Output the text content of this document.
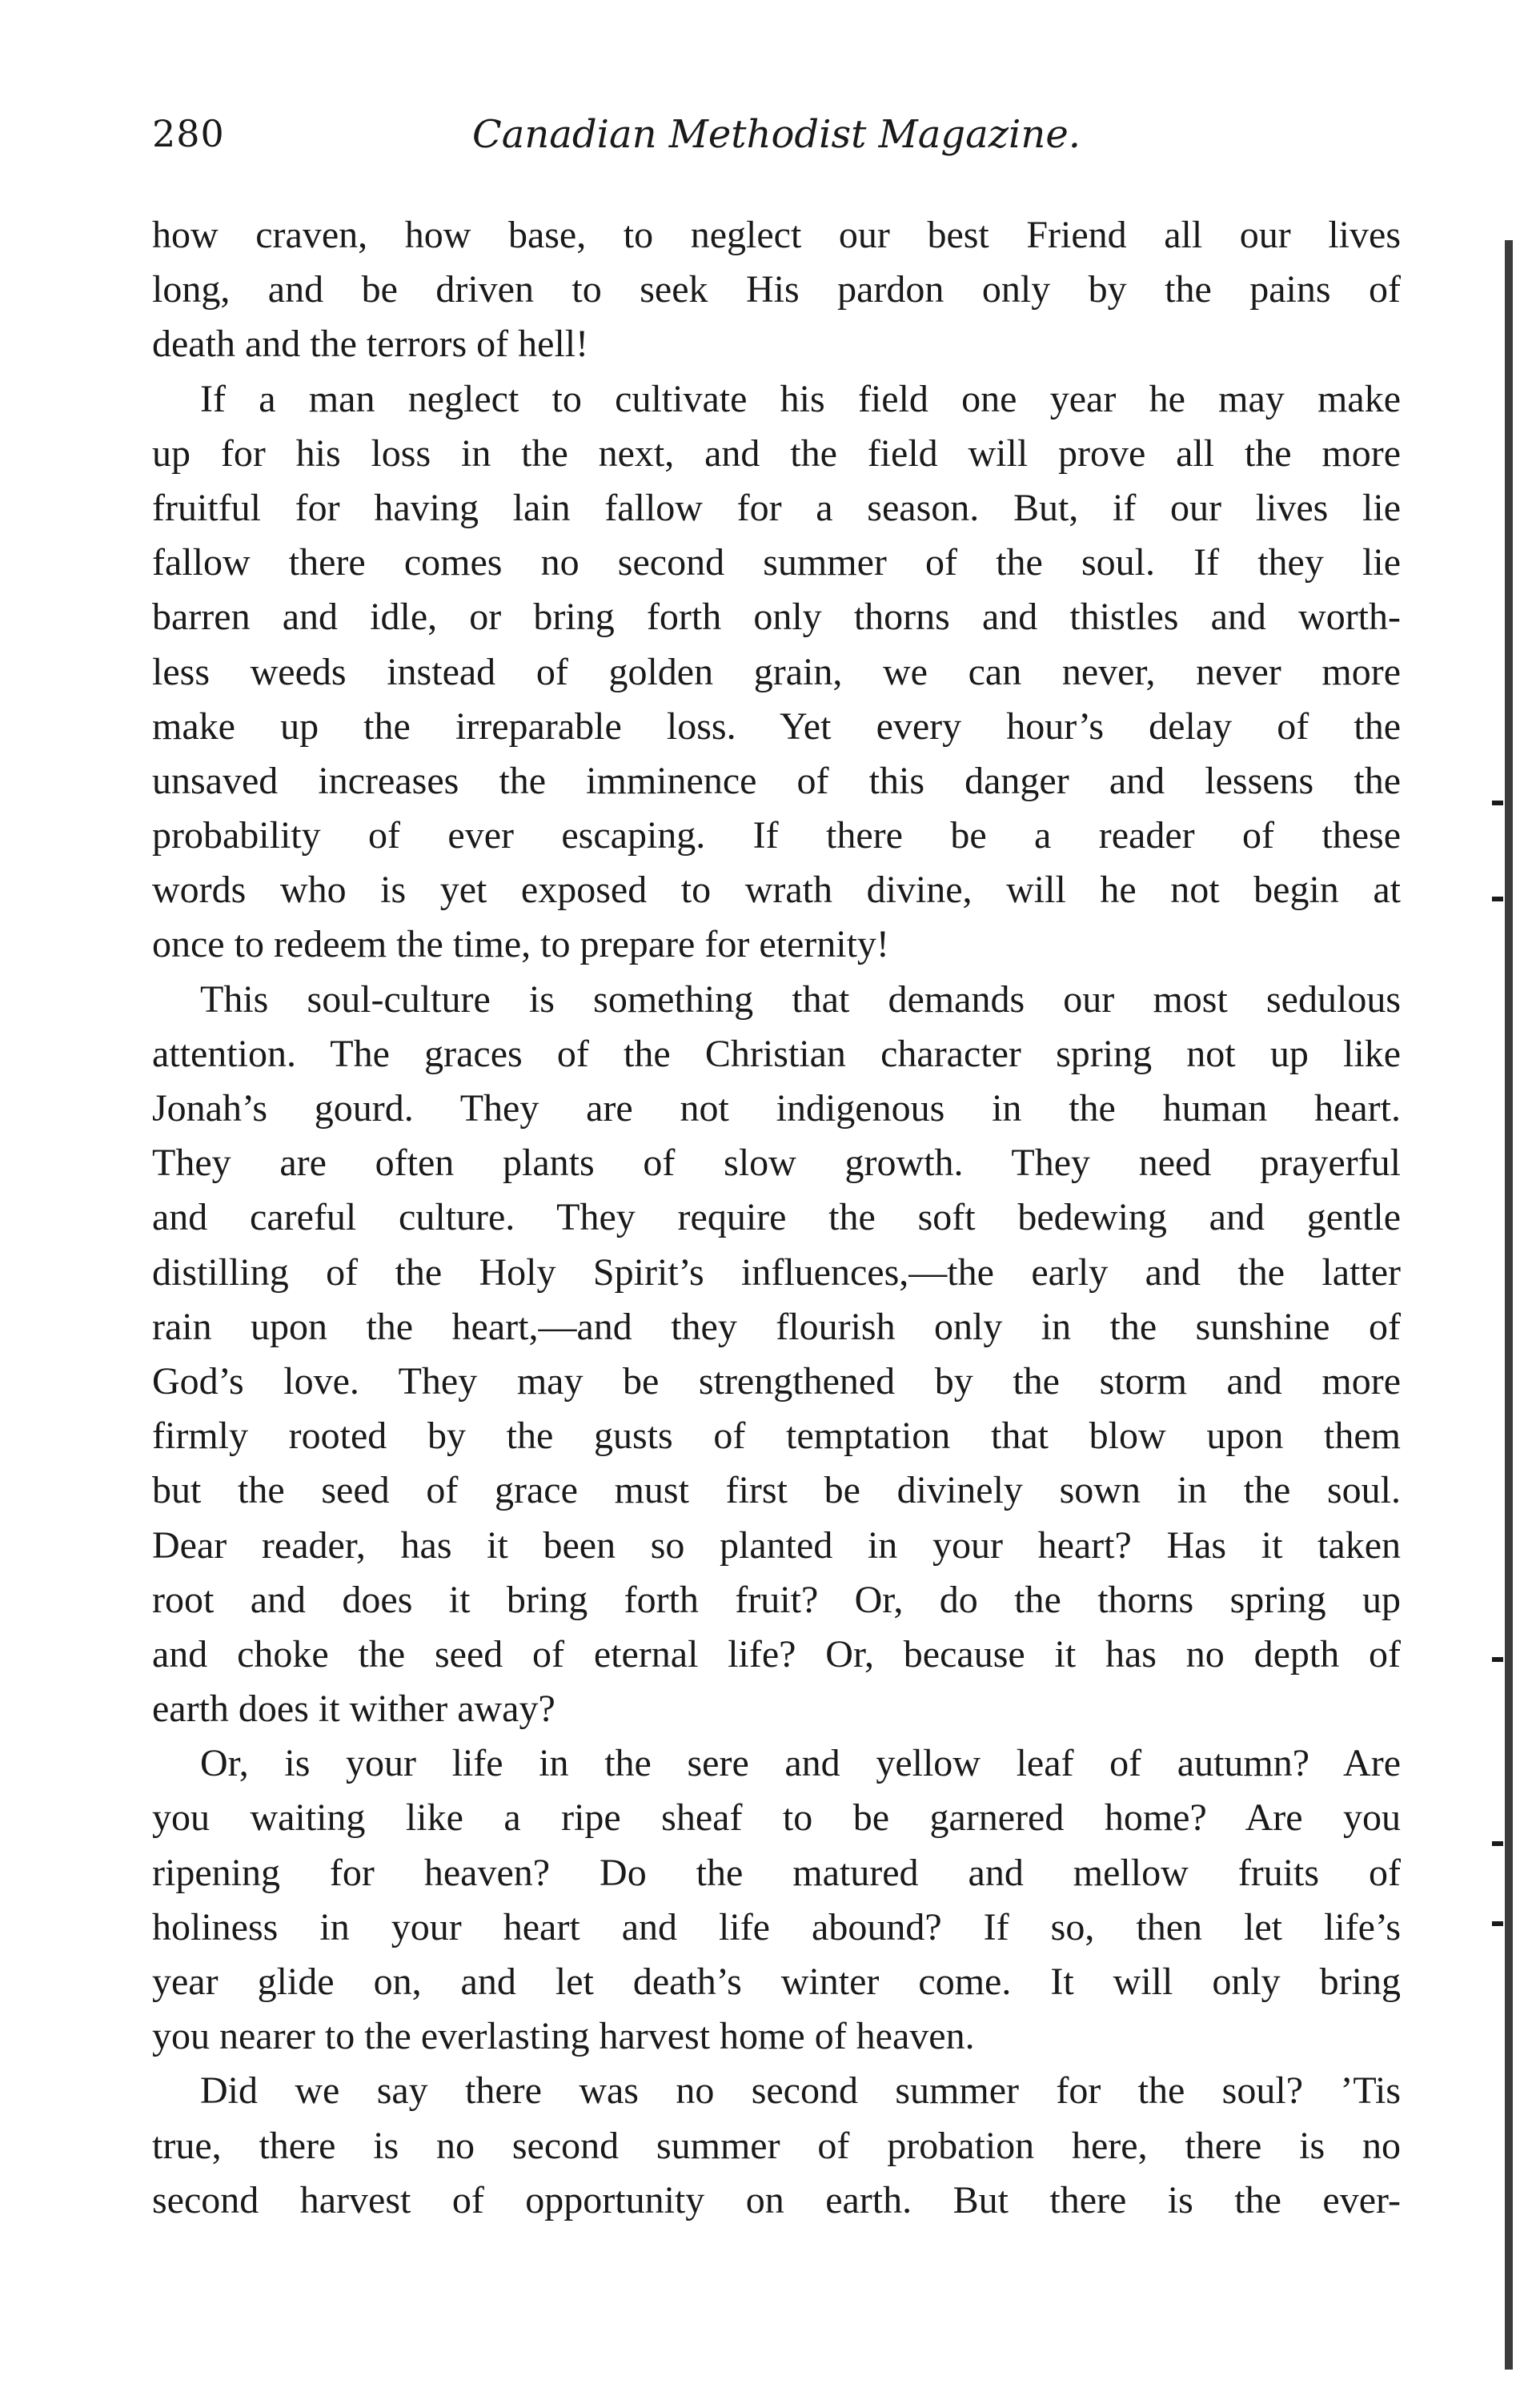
280	Canadian Methodist Magazine.
how craven, how base, to neglect our best Friend all our lives
long, and be driven to seek His pardon only by the pains of
death and the terrors of hell!
If a man neglect to cultivate his field one year he may make
up for his loss in the next, and the field will prove all the more
fruitful for having lain fallow for a season. But, if our lives lie
fallow there comes no second summer of the soul. If they lie
barren and idle, or bring forth only thorns and thistles and worth-
less weeds instead of golden grain, we can never, never more
make up the irreparable loss. Yet every hour’s delay of the
unsaved increases the imminence of this danger and lessens the
probability of ever escaping. If there be a reader of these
words who is yet exposed to wrath divine, will he not begin at
once to redeem the time, to prepare for eternity!
This soul-culture is something that demands our most sedulous
attention. The graces of the Christian character spring not up like
Jonah’s gourd. They are not indigenous in the human heart.
They are often plants of slow growth. They need prayerful
and careful culture. They require the soft bedewing and gentle
distilling of the Holy Spirit’s influences,—the early and the latter
rain upon the heart,—and they flourish only in the sunshine of
God’s love. They may be strengthened by the storm and more
firmly rooted by the gusts of temptation that blow upon them
but the seed of grace must first be divinely sown in the soul.
Dear reader, has it been so planted in your heart? Has it taken
root and does it bring forth fruit? Or, do the thorns spring up
and choke the seed of eternal life? Or, because it has no depth of
earth does it wither away?
Or, is your life in the sere and yellow leaf of autumn? Are
you waiting like a ripe sheaf to be garnered home? Are you
ripening for heaven? Do the matured and mellow fruits of
holiness in your heart and life abound? If so, then let life’s
year glide on, and let death’s winter come. It will only bring
you nearer to the everlasting harvest home of heaven.
Did we say there was no second summer for the soul? ’Tis
true, there is no second summer of probation here, there is no
second harvest of opportunity on earth. But there is the ever-
